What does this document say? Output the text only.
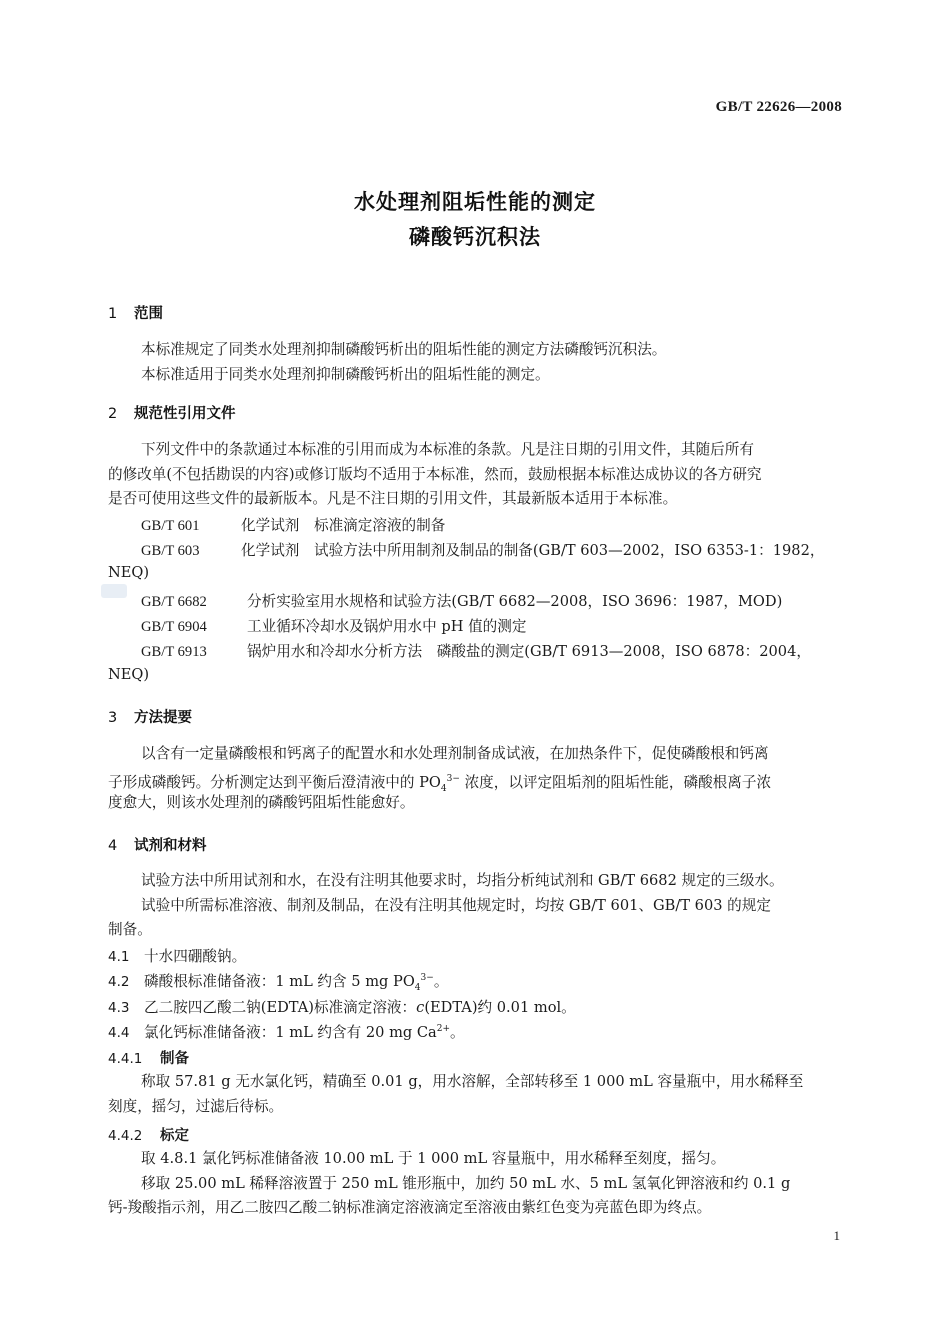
GB/T 22626—2008
水处理剂阻垢性能的测定
磷酸钙沉积法
1 范围
本标准规定了同类水处理剂抑制磷酸钙析出的阻垢性能的测定方法磷酸钙沉积法。
本标准适用于同类水处理剂抑制磷酸钙析出的阻垢性能的测定。
2 规范性引用文件
下列文件中的条款通过本标准的引用而成为本标准的条款。凡是注日期的引用文件，其随后所有
的修改单(不包括勘误的内容)或修订版均不适用于本标准，然而，鼓励根据本标准达成协议的各方研究
是否可使用这些文件的最新版本。凡是不注日期的引用文件，其最新版本适用于本标准。
GB/T 601	化学试剂　标准滴定溶液的制备
GB/T 603	化学试剂　试验方法中所用制剂及制品的制备(GB/T 603—2002，ISO 6353-1：1982，
NEQ)
GB/T 6682	分析实验室用水规格和试验方法(GB/T 6682—2008，ISO 3696：1987，MOD)
GB/T 6904	工业循环冷却水及锅炉用水中 pH 值的测定
GB/T 6913	锅炉用水和冷却水分析方法　磷酸盐的测定(GB/T 6913—2008，ISO 6878：2004，
NEQ)
3 方法提要
以含有一定量磷酸根和钙离子的配置水和水处理剂制备成试液，在加热条件下，促使磷酸根和钙离
子形成磷酸钙。分析测定达到平衡后澄清液中的 $PO_4^{3-}$ 浓度，以评定阻垢剂的阻垢性能，磷酸根离子浓
度愈大，则该水处理剂的磷酸钙阻垢性能愈好。
4 试剂和材料
试验方法中所用试剂和水，在没有注明其他要求时，均指分析纯试剂和 GB/T 6682 规定的三级水。
试验中所需标准溶液、制剂及制品，在没有注明其他规定时，均按 GB/T 601、GB/T 603 的规定
制备。
4.1 十水四硼酸钠。
4.2 磷酸根标准储备液：1 mL 约含 5 mg $PO_4^{3-}$。
4.3 乙二胺四乙酸二钠(EDTA)标准滴定溶液：c(EDTA)约 0.01 mol。
4.4 氯化钙标准储备液：1 mL 约含有 20 mg $Ca^{2+}$。
4.4.1 制备
称取 57.81 g 无水氯化钙，精确至 0.01 g，用水溶解，全部转移至 1 000 mL 容量瓶中，用水稀释至
刻度，摇匀，过滤后待标。
4.4.2 标定
取 4.8.1 氯化钙标准储备液 10.00 mL 于 1 000 mL 容量瓶中，用水稀释至刻度，摇匀。
移取 25.00 mL 稀释溶液置于 250 mL 锥形瓶中，加约 50 mL 水、5 mL 氢氧化钾溶液和约 0.1 g
钙-羧酸指示剂，用乙二胺四乙酸二钠标准滴定溶液滴定至溶液由紫红色变为亮蓝色即为终点。
1
